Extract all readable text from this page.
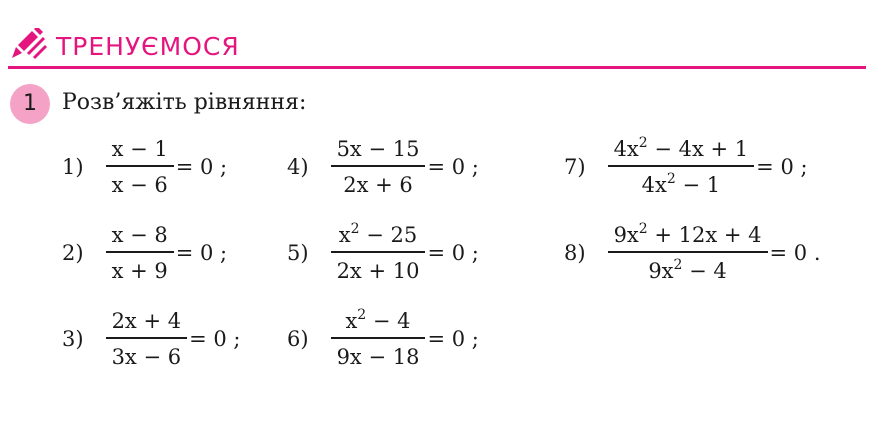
ТРЕНУЄМОСЯ
1	Розв’яжіть рівняння:
$1) \frac{x - 1}{x - 6} = 0$ ;
$2) \frac{x - 8}{x + 9} = 0$ ;
$3) \frac{2x + 4}{3x - 6} = 0$ ;
$4) \frac{5x - 15}{2x + 6} = 0$ ;
$5) \frac{x^2 - 25}{2x + 10} = 0$ ;
$6) \frac{x^2 - 4}{9x - 18} = 0$ ;
$7) \frac{4x^2 - 4x + 1}{4x^2 - 1} = 0$ ;
$8) \frac{9x^2 + 12x + 4}{9x^2 - 4} = 0$ .
